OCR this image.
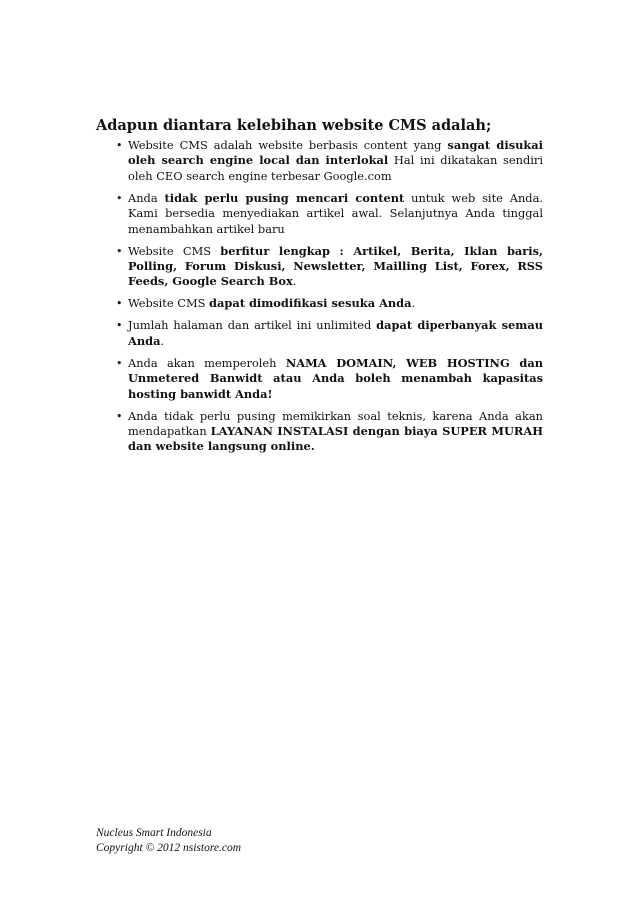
Adapun diantara kelebihan website CMS adalah;
• Website CMS adalah website berbasis content yang sangat disukai oleh search engine local dan interlokal Hal ini dikatakan sendiri oleh CEO search engine terbesar Google.com
• Anda tidak perlu pusing mencari content untuk web site Anda. Kami bersedia menyediakan artikel awal. Selanjutnya Anda tinggal menambahkan artikel baru
• Website CMS berfitur lengkap : Artikel, Berita, Iklan baris, Polling, Forum Diskusi, Newsletter, Mailling List, Forex, RSS Feeds, Google Search Box.
• Website CMS dapat dimodifikasi sesuka Anda.
• Jumlah halaman dan artikel ini unlimited dapat diperbanyak semau Anda.
• Anda akan memperoleh NAMA DOMAIN, WEB HOSTING dan Unmetered Banwidt atau Anda boleh menambah kapasitas hosting banwidt Anda!
• Anda tidak perlu pusing memikirkan soal teknis, karena Anda akan mendapatkan LAYANAN INSTALASI dengan biaya SUPER MURAH dan website langsung online.
Nucleus Smart Indonesia
Copyright © 2012 nsistore.com
